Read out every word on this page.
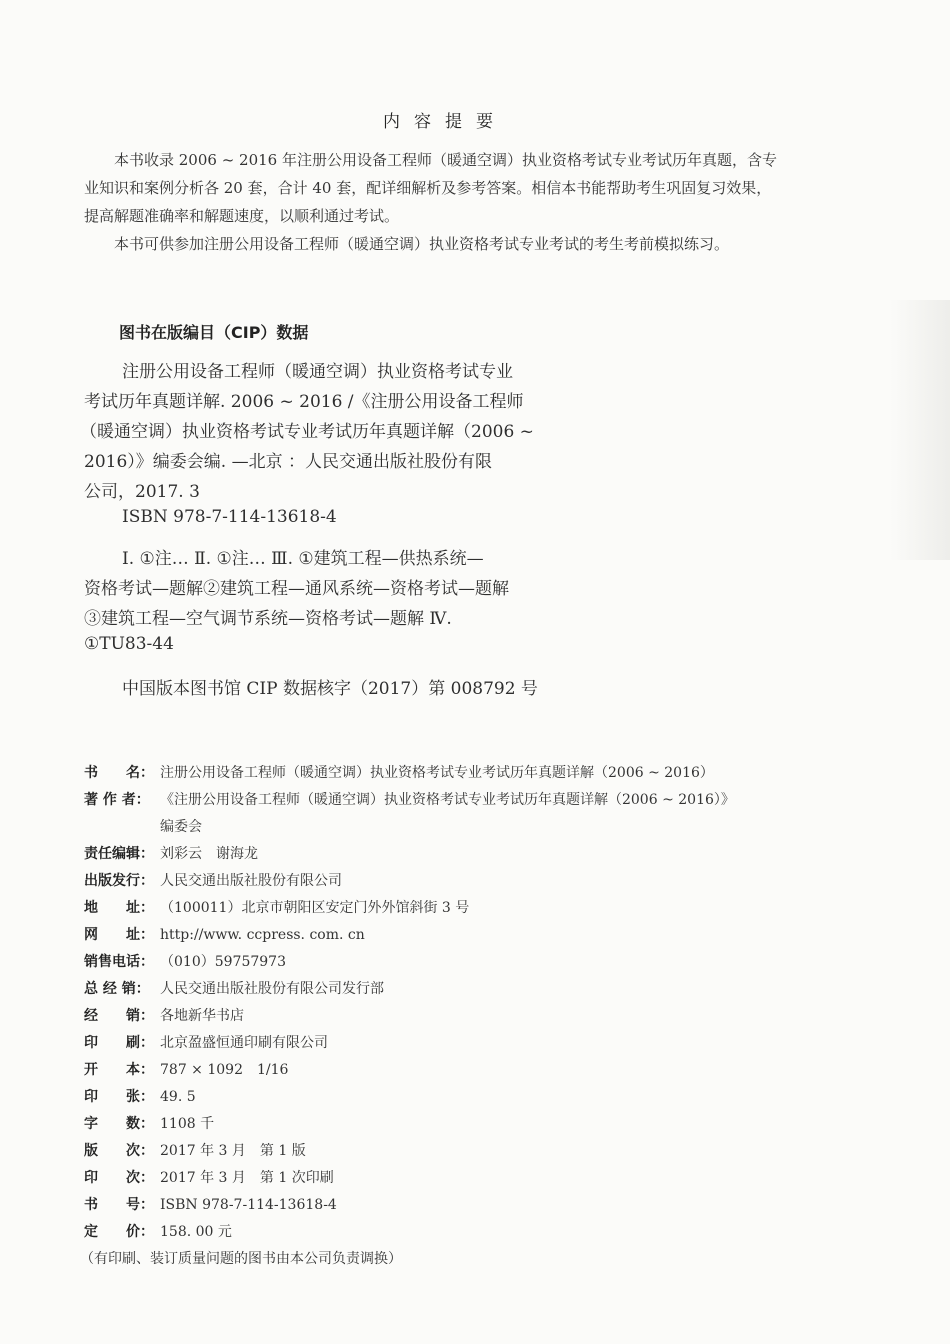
内容提要

本书收录 2006 ~ 2016 年注册公用设备工程师（暖通空调）执业资格考试专业考试历年真题，含专

业知识和案例分析各 20 套，合计 40 套，配详细解析及参考答案。相信本书能帮助考生巩固复习效果，

提高解题准确率和解题速度，以顺利通过考试。

本书可供参加注册公用设备工程师（暖通空调）执业资格考试专业考试的考生考前模拟练习。

图书在版编目（CIP）数据
注册公用设备工程师（暖通空调）执业资格考试专业
考试历年真题详解. 2006 ~ 2016 /《注册公用设备工程师
（暖通空调）执业资格考试专业考试历年真题详解（2006 ~
2016）》编委会编. —北京 ：人民交通出版社股份有限
公司，2017. 3
ISBN 978-7-114-13618-4
Ⅰ. ①注… Ⅱ. ①注… Ⅲ. ①建筑工程—供热系统—
资格考试—题解②建筑工程—通风系统—资格考试—题解
③建筑工程—空气调节系统—资格考试—题解 Ⅳ.
①TU83-44
中国版本图书馆 CIP 数据核字（2017）第 008792 号
书　　名： 注册公用设备工程师（暖通空调）执业资格考试专业考试历年真题详解（2006 ~ 2016）
著 作 者： 《注册公用设备工程师（暖通空调）执业资格考试专业考试历年真题详解（2006 ~ 2016）》
编委会
责任编辑： 刘彩云　谢海龙
出版发行： 人民交通出版社股份有限公司
地　　址： （100011）北京市朝阳区安定门外外馆斜街 3 号
网　　址： http://www. ccpress. com. cn
销售电话： （010）59757973
总 经 销： 人民交通出版社股份有限公司发行部
经　　销： 各地新华书店
印　　刷： 北京盈盛恒通印刷有限公司
开　　本： 787 × 1092　1/16
印　　张： 49. 5
字　　数： 1108 千
版　　次： 2017 年 3 月　第 1 版
印　　次： 2017 年 3 月　第 1 次印刷
书　　号： ISBN 978-7-114-13618-4
定　　价： 158. 00 元
（有印刷、装订质量问题的图书由本公司负责调换）
